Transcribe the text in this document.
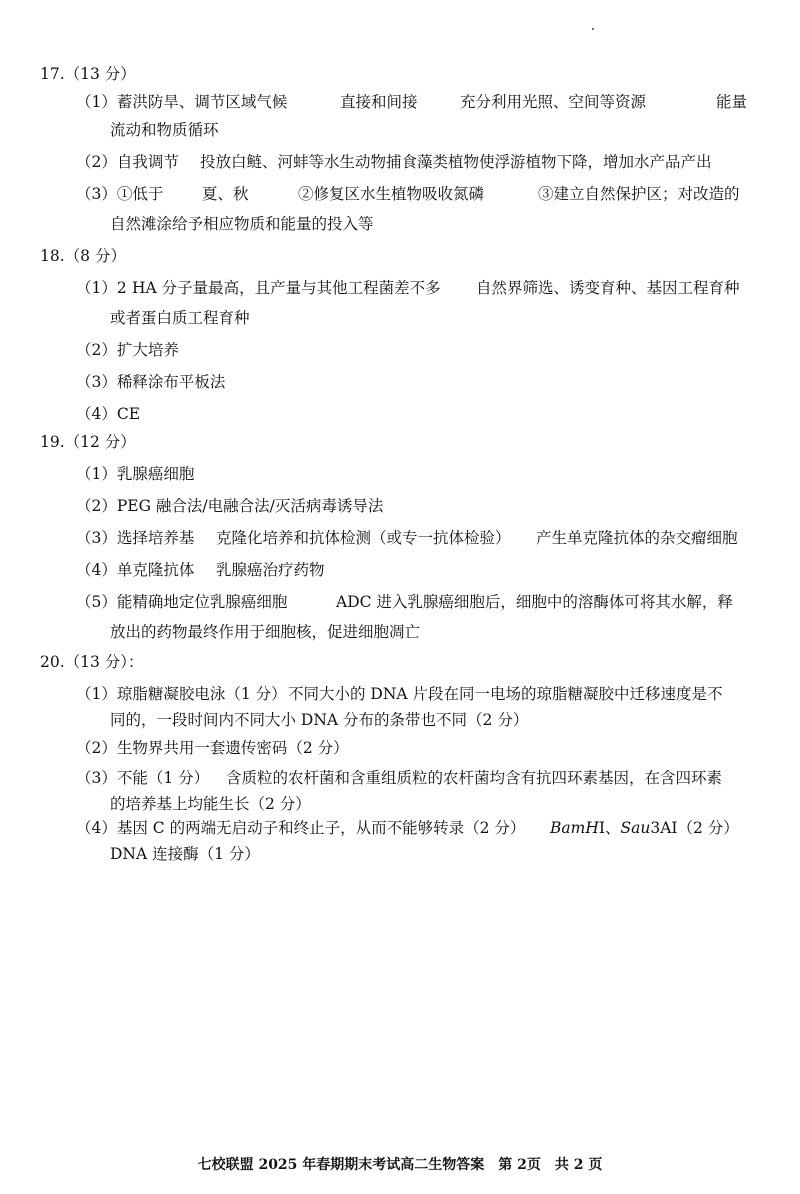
17.（13 分）
（1）蓄洪防旱、调节区域气候	直接和间接	充分利用光照、空间等资源	能量
流动和物质循环
（2）自我调节 投放白鲢、河蚌等水生动物捕食藻类植物使浮游植物下降，增加水产品产出
（3）①低于 夏、秋	②修复区水生植物吸收氮磷	③建立自然保护区；对改造的
自然滩涂给予相应物质和能量的投入等
18.（8 分）
（1）2 HA 分子量最高，且产量与其他工程菌差不多 自然界筛选、诱变育种、基因工程育种
或者蛋白质工程育种
（2）扩大培养
（3）稀释涂布平板法
（4）CE
19.（12 分）
（1）乳腺癌细胞
（2）PEG 融合法/电融合法/灭活病毒诱导法
（3）选择培养基 克隆化培养和抗体检测（或专一抗体检验） 产生单克隆抗体的杂交瘤细胞
（4）单克隆抗体 乳腺癌治疗药物
（5）能精确地定位乳腺癌细胞	ADC 进入乳腺癌细胞后，细胞中的溶酶体可将其水解，释
放出的药物最终作用于细胞核，促进细胞凋亡
20.（13 分）：
（1）琼脂糖凝胶电泳（1 分） 不同大小的 DNA 片段在同一电场的琼脂糖凝胶中迁移速度是不
同的，一段时间内不同大小 DNA 分布的条带也不同（2 分）
（2）生物界共用一套遗传密码（2 分）
（3）不能（1 分） 含质粒的农杆菌和含重组质粒的农杆菌均含有抗四环素基因，在含四环素
的培养基上均能生长（2 分）
（4）基因 C 的两端无启动子和终止子，从而不能够转录（2 分） BamHⅠ、Sau3AⅠ（2 分）
DNA 连接酶（1 分）
七校联盟 2025 年春期期末考试高二生物答案　第 2页　共 2 页
